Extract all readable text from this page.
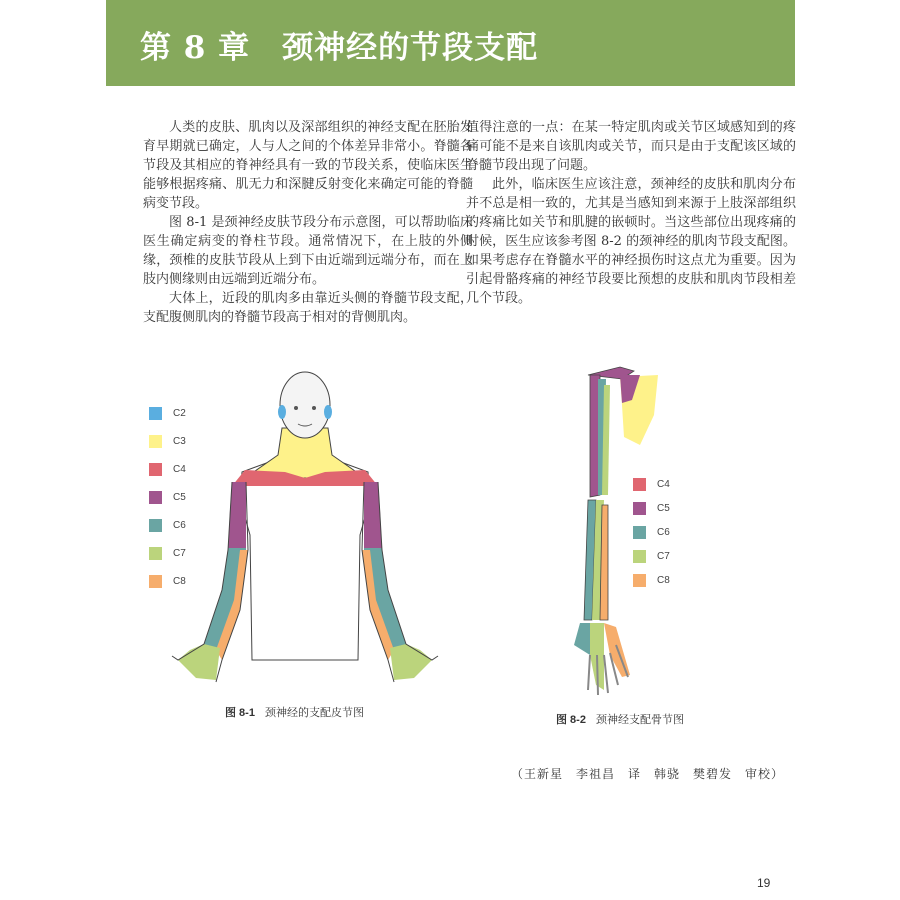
第 8 章　颈神经的节段支配

人类的皮肤、肌肉以及深部组织的神经支配在胚胎发育早期就已确定，人与人之间的个体差异非常小。脊髓各节段及其相应的脊神经具有一致的节段关系，使临床医生能够根据疼痛、肌无力和深腱反射变化来确定可能的脊髓病变节段。

图 8-1 是颈神经皮肤节段分布示意图，可以帮助临床医生确定病变的脊柱节段。通常情况下，在上肢的外侧缘，颈椎的皮肤节段从上到下由近端到远端分布，而在上肢内侧缘则由远端到近端分布。

大体上，近段的肌肉多由靠近头侧的脊髓节段支配，支配腹侧肌肉的脊髓节段高于相对的背侧肌肉。

值得注意的一点：在某一特定肌肉或关节区域感知到的疼痛可能不是来自该肌肉或关节，而只是由于支配该区域的脊髓节段出现了问题。

此外，临床医生应该注意，颈神经的皮肤和肌肉分布并不总是相一致的，尤其是当感知到来源于上肢深部组织的疼痛比如关节和肌腱的嵌顿时。当这些部位出现疼痛的时候，医生应该参考图 8-2 的颈神经的肌肉节段支配图。如果考虑存在脊髓水平的神经损伤时这点尤为重要。因为引起骨骼疼痛的神经节段要比预想的皮肤和肌肉节段相差几个节段。

C2
C3
C4
C5
C6
C7
C8
图 8-1 颈神经的支配皮节图
C4
C5
C6
C7
C8
图 8-2 颈神经支配骨节图
（王新星　李祖昌　译　韩骁　樊碧发　审校）
19
